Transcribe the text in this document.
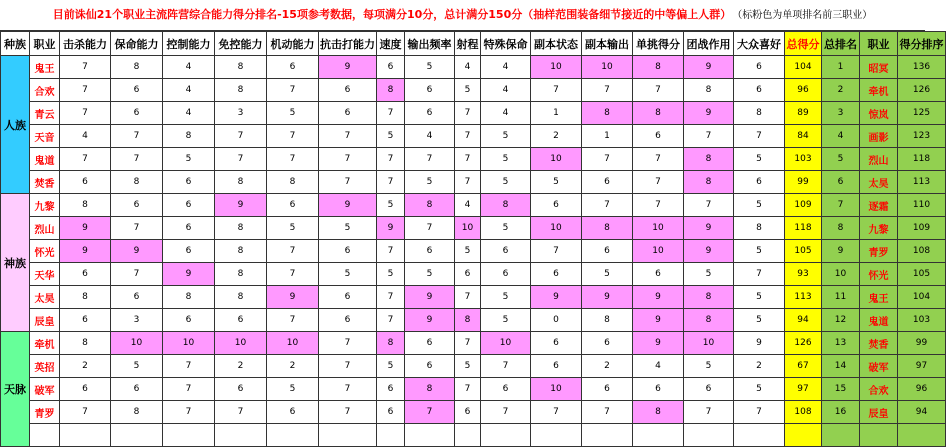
目前诛仙21个职业主流阵营综合能力得分排名-15项参考数据，每项满分10分，总计满分150分（抽样范围装备细节接近的中等偏上人群） （标粉色为单项排名前三职业）
种族	职业	击杀能力	保命能力	控制能力	免控能力	机动能力	抗击打能力	速度	输出频率	射程	特殊保命	副本状态	副本输出	单挑得分	团战作用	大众喜好	总得分	总排名	职业	得分排序
人族	鬼王	7	8	4	8	6	9	6	5	4	4	10	10	8	9	6	104	1	昭冥	136
	合欢	7	6	4	8	7	6	8	6	5	4	7	7	7	8	6	96	2	牵机	126
	青云	7	6	4	3	5	6	7	6	7	4	1	8	8	9	8	89	3	惊岚	125
	天音	4	7	8	7	7	7	5	4	7	5	2	1	6	7	7	84	4	画影	123
	鬼道	7	7	5	7	7	7	7	7	7	5	10	7	7	8	5	103	5	烈山	118
	焚香	6	8	6	8	8	7	7	5	7	5	5	6	7	8	6	99	6	太昊	113
神族	九黎	8	6	6	9	6	9	5	8	4	8	6	7	7	7	5	109	7	逐霜	110
	烈山	9	7	6	8	5	5	9	7	10	5	10	8	10	9	8	118	8	九黎	109
	怀光	9	9	6	8	7	6	7	6	5	6	7	6	10	9	5	105	9	青罗	108
	天华	6	7	9	8	7	5	5	5	6	6	6	5	6	5	7	93	10	怀光	105
	太昊	8	6	8	8	9	6	7	9	7	5	9	9	9	8	5	113	11	鬼王	104
	辰皇	6	3	6	6	7	6	7	9	8	5	0	8	9	8	5	94	12	鬼道	103
天脉	牵机	8	10	10	10	10	7	8	6	7	10	6	6	9	10	9	126	13	焚香	99
	英招	2	5	7	2	2	7	5	6	5	7	6	2	4	5	2	67	14	破军	97
	破军	6	6	7	6	5	7	6	8	7	6	10	6	6	6	5	97	15	合欢	96
	青罗	7	8	7	7	6	7	6	7	6	7	7	7	8	7	7	108	16	辰皇	94
